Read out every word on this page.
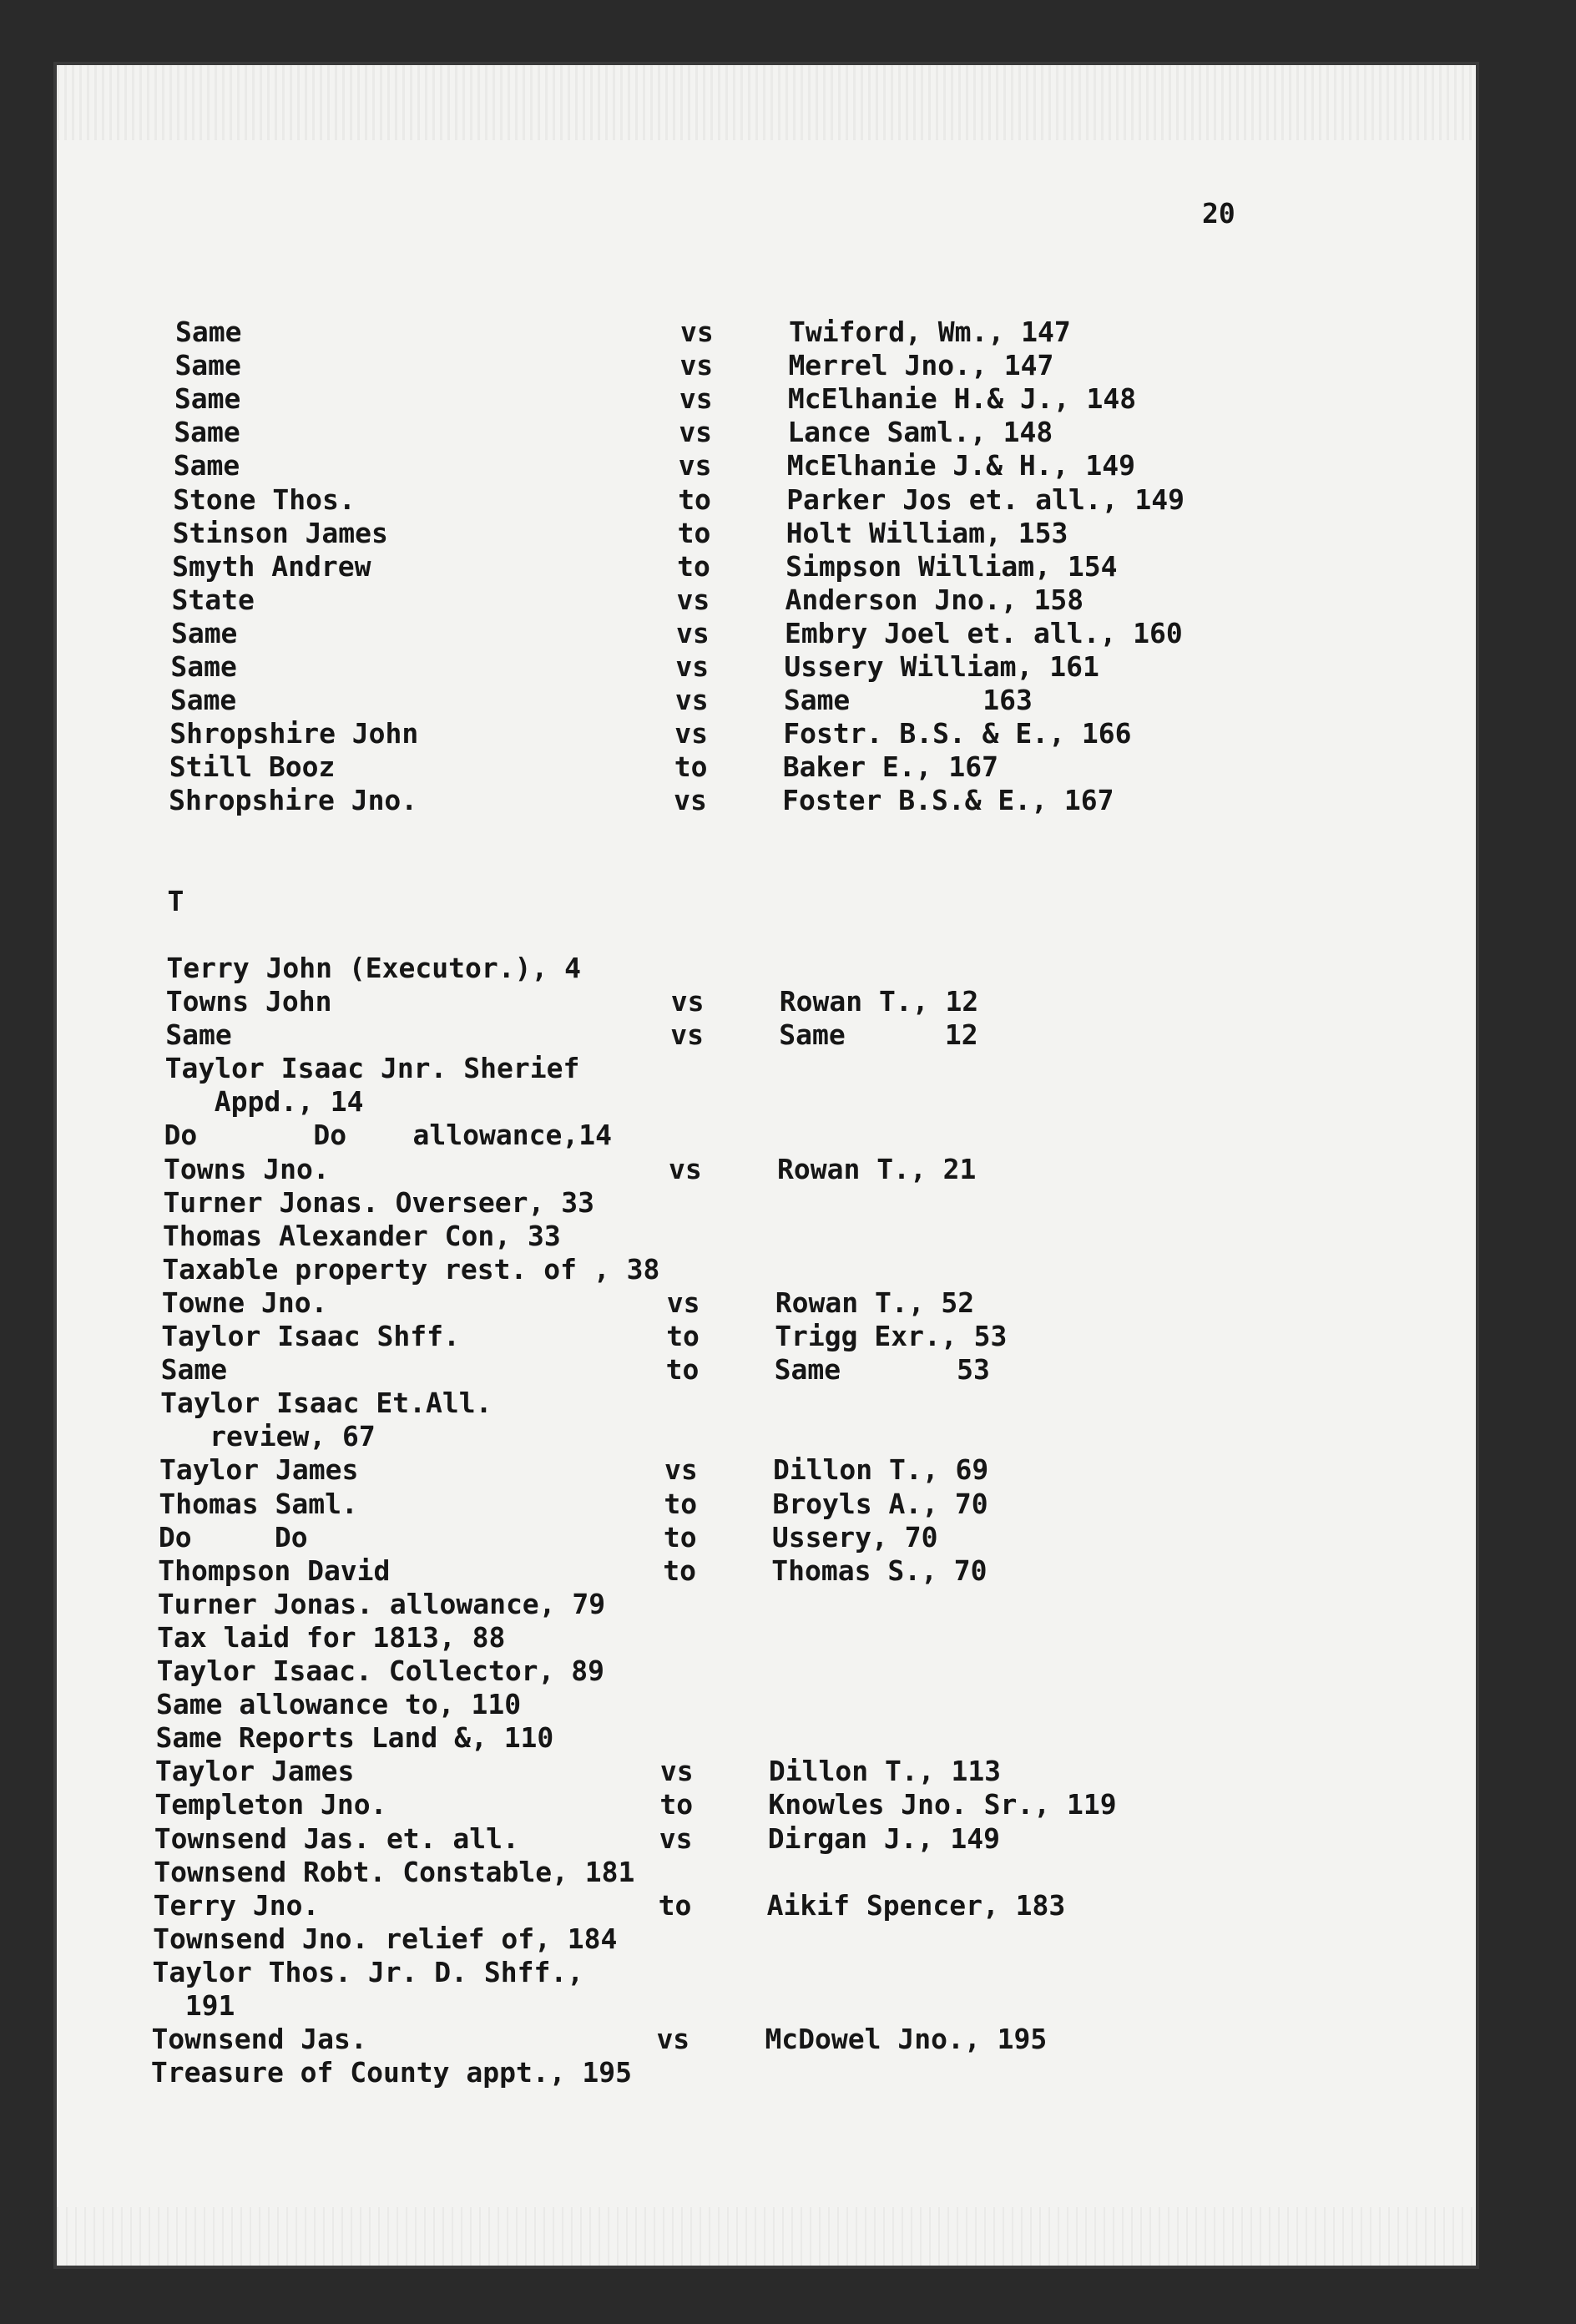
20
Same	vs	Twiford, Wm., 147
Same	vs	Merrel Jno., 147
Same	vs	McElhanie H.& J., 148
Same	vs	Lance Saml., 148
Same	vs	McElhanie J.& H., 149
Stone Thos.	to	Parker Jos et. all., 149
Stinson James	to	Holt William, 153
Smyth Andrew	to	Simpson William, 154
State	vs	Anderson Jno., 158
Same	vs	Embry Joel et. all., 160
Same	vs	Ussery William, 161
Same	vs	Same        163
Shropshire John	vs	Fostr. B.S. & E., 166
Still Booz	to	Baker E., 167
Shropshire Jno.	vs	Foster B.S.& E., 167
T
Terry John (Executor.), 4
Towns John	vs	Rowan T., 12
Same	vs	Same      12
Taylor Isaac Jnr. Sherief
Appd., 14
Do       Do    allowance,14
Towns Jno.	vs	Rowan T., 21
Turner Jonas. Overseer, 33
Thomas Alexander Con, 33
Taxable property rest. of , 38
Towne Jno.	vs	Rowan T., 52
Taylor Isaac Shff.	to	Trigg Exr., 53
Same	to	Same       53
Taylor Isaac Et.All.
review, 67
Taylor James	vs	Dillon T., 69
Thomas Saml.	to	Broyls A., 70
Do     Do	to	Ussery, 70
Thompson David	to	Thomas S., 70
Turner Jonas. allowance, 79
Tax laid for 1813, 88
Taylor Isaac. Collector, 89
Same allowance to, 110
Same Reports Land &, 110
Taylor James	vs	Dillon T., 113
Templeton Jno.	to	Knowles Jno. Sr., 119
Townsend Jas. et. all.	vs	Dirgan J., 149
Townsend Robt. Constable, 181
Terry Jno.	to	Aikif Spencer, 183
Townsend Jno. relief of, 184
Taylor Thos. Jr. D. Shff.,
191
Townsend Jas.	vs	McDowel Jno., 195
Treasure of County appt., 195
